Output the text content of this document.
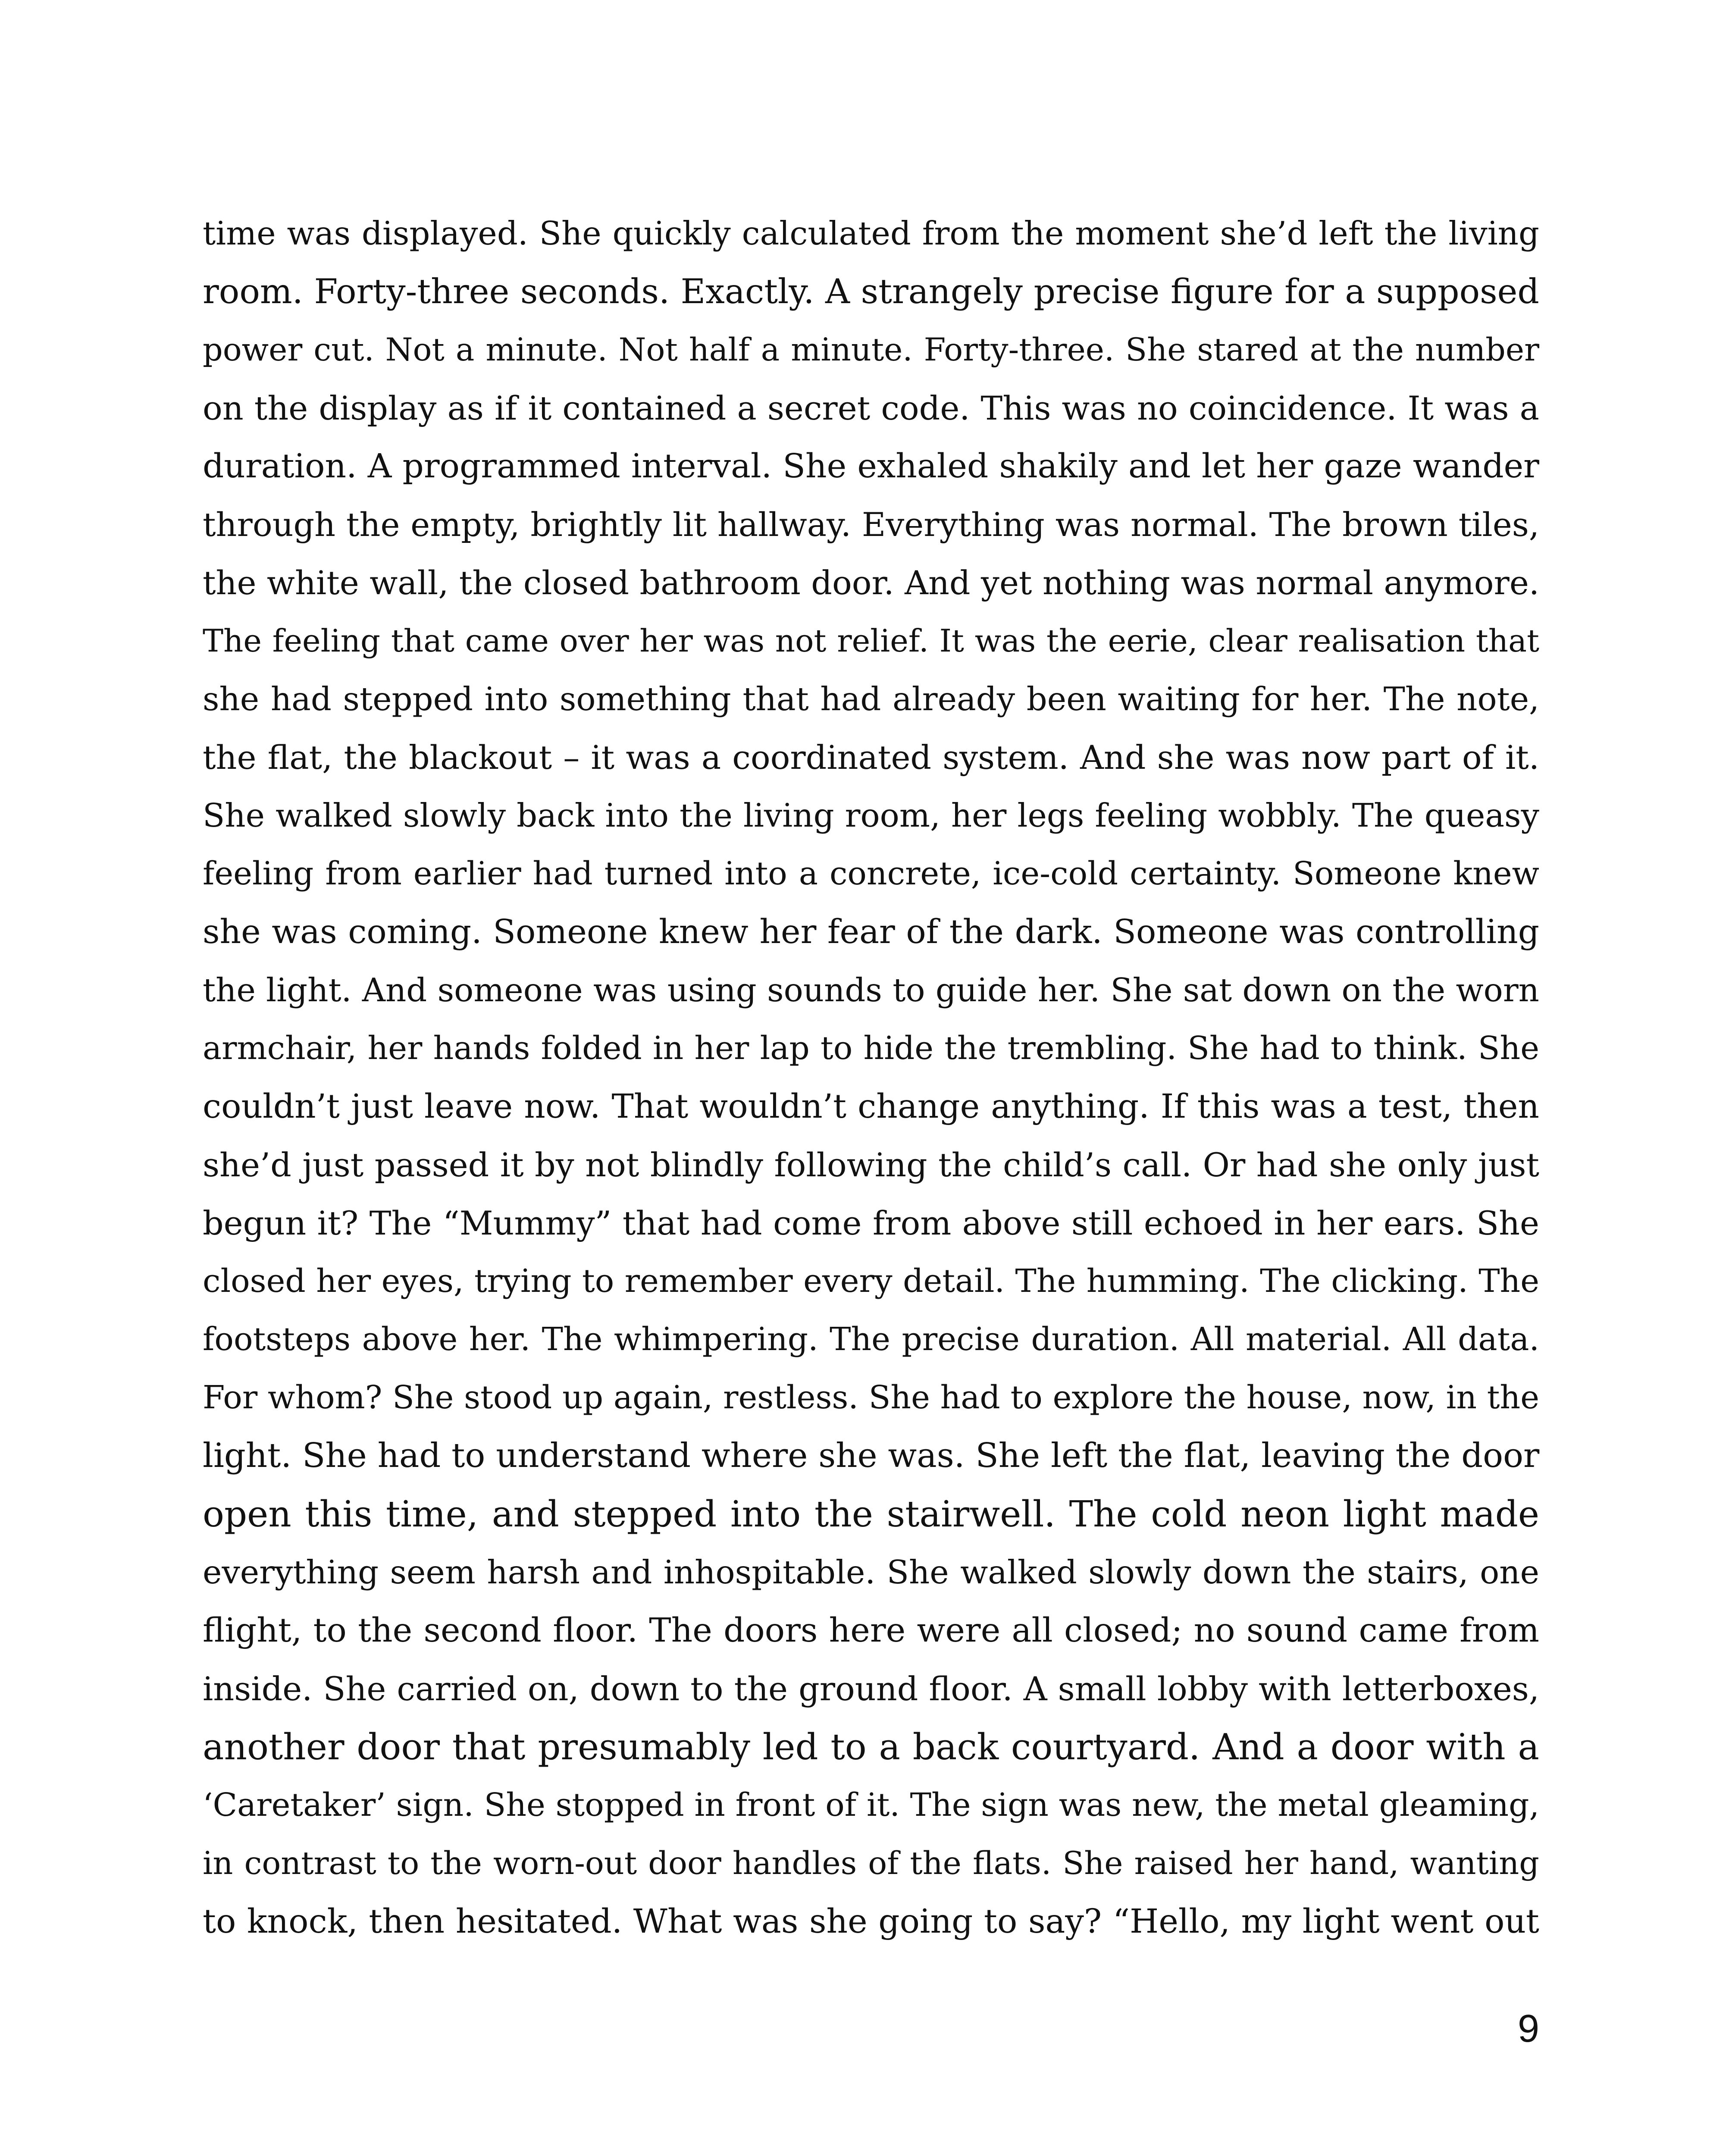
time was displayed. She quickly calculated from the moment she’d left the living
room. Forty-three seconds. Exactly. A strangely precise figure for a supposed
power cut. Not a minute. Not half a minute. Forty-three. She stared at the number
on the display as if it contained a secret code. This was no coincidence. It was a
duration. A programmed interval. She exhaled shakily and let her gaze wander
through the empty, brightly lit hallway. Everything was normal. The brown tiles,
the white wall, the closed bathroom door. And yet nothing was normal anymore.
The feeling that came over her was not relief. It was the eerie, clear realisation that
she had stepped into something that had already been waiting for her. The note,
the flat, the blackout – it was a coordinated system. And she was now part of it.
She walked slowly back into the living room, her legs feeling wobbly. The queasy
feeling from earlier had turned into a concrete, ice-cold certainty. Someone knew
she was coming. Someone knew her fear of the dark. Someone was controlling
the light. And someone was using sounds to guide her. She sat down on the worn
armchair, her hands folded in her lap to hide the trembling. She had to think. She
couldn’t just leave now. That wouldn’t change anything. If this was a test, then
she’d just passed it by not blindly following the child’s call. Or had she only just
begun it? The “Mummy” that had come from above still echoed in her ears. She
closed her eyes, trying to remember every detail. The humming. The clicking. The
footsteps above her. The whimpering. The precise duration. All material. All data.
For whom? She stood up again, restless. She had to explore the house, now, in the
light. She had to understand where she was. She left the flat, leaving the door
open this time, and stepped into the stairwell. The cold neon light made
everything seem harsh and inhospitable. She walked slowly down the stairs, one
flight, to the second floor. The doors here were all closed; no sound came from
inside. She carried on, down to the ground floor. A small lobby with letterboxes,
another door that presumably led to a back courtyard. And a door with a
‘Caretaker’ sign. She stopped in front of it. The sign was new, the metal gleaming,
in contrast to the worn-out door handles of the flats. She raised her hand, wanting
to knock, then hesitated. What was she going to say? “Hello, my light went out
9
